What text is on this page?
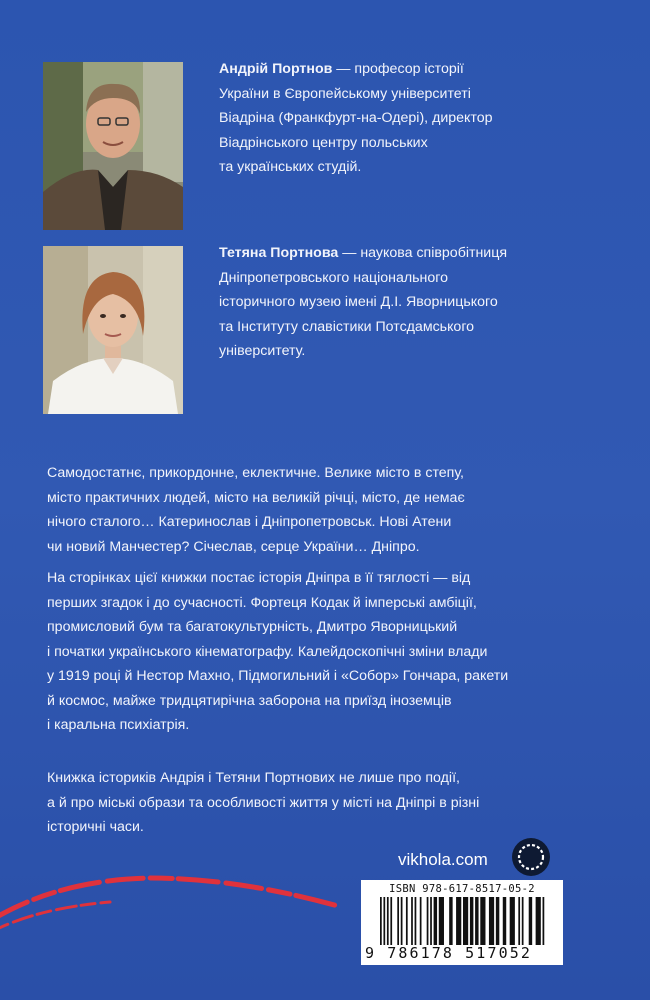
Андрій Портнов — професор історії
України в Європейському університеті
Віадріна (Франкфурт-на-Одері), директор
Віадрінського центру польських
та українських студій.

Тетяна Портнова — наукова співробітниця
Дніпропетровського національного
історичного музею імені Д.І. Яворницького
та Інституту славістики Потсдамського
університету.

Самодостатнє, прикордонне, еклектичне. Велике місто в степу,
місто практичних людей, місто на великій річці, місто, де немає
нічого сталого… Катеринослав і Дніпропетровськ. Нові Атени
чи новий Манчестер? Січеслав, серце України… Дніпро.

На сторінках цієї книжки постає історія Дніпра в її тяглості — від
перших згадок і до сучасності. Фортеця Кодак й імперські амбіції,
промисловий бум та багатокультурність, Дмитро Яворницький
і початки українського кінематографу. Калейдоскопічні зміни влади
у 1919 році й Нестор Махно, Підмогильний і «Собор» Гончара, ракети
й космос, майже тридцятирічна заборона на приїзд іноземців
і каральна психіатрія.

Книжка істориків Андрія і Тетяни Портнових не лише про події,
а й про міські образи та особливості життя у місті на Дніпрі в різні
історичні часи.

vikhola.com
ISBN 978-617-8517-05-2
9 786178 517052
